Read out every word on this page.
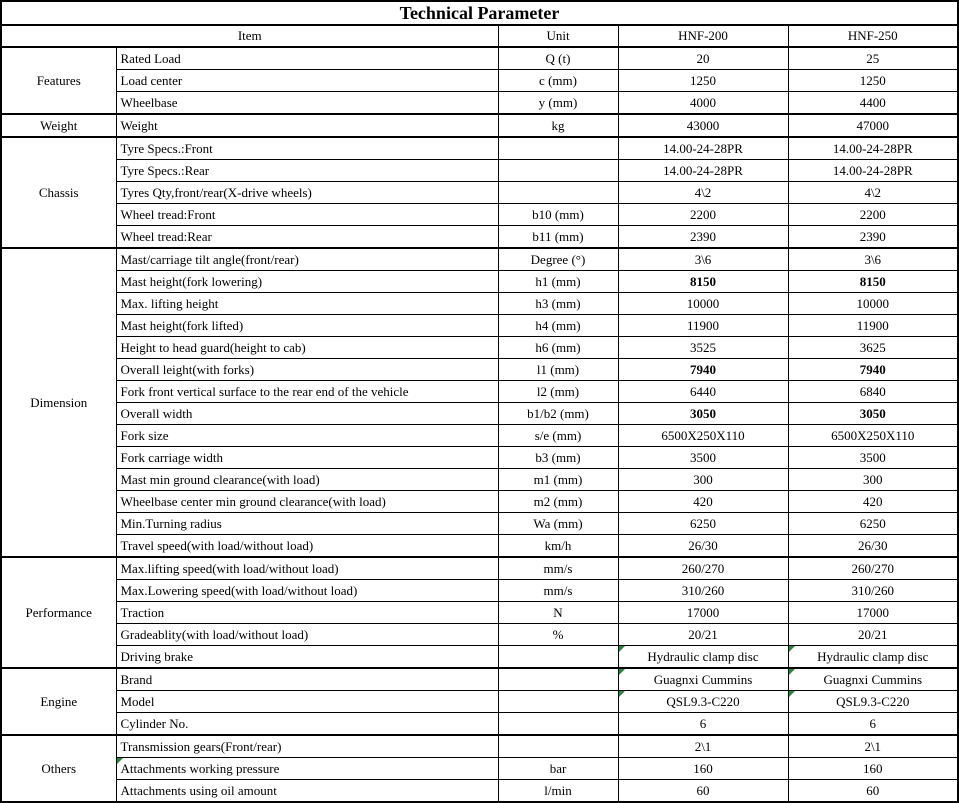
Technical Parameter				
Item		Unit	HNF-200	HNF-250
Features	Rated Load	Q (t)	20	25
	Load center	c (mm)	1250	1250
	Wheelbase	y (mm)	4000	4400
Weight	Weight	kg	43000	47000
Chassis	Tyre Specs.:Front		14.00-24-28PR	14.00-24-28PR
	Tyre Specs.:Rear		14.00-24-28PR	14.00-24-28PR
	Tyres Qty,front/rear(X-drive wheels)		4\2	4\2
	Wheel tread:Front	b10 (mm)	2200	2200
	Wheel tread:Rear	b11 (mm)	2390	2390
Dimension	Mast/carriage tilt angle(front/rear)	Degree (°)	3\6	3\6
	Mast height(fork lowering)	h1 (mm)	8150	8150
	Max. lifting height	h3 (mm)	10000	10000
	Mast height(fork lifted)	h4 (mm)	11900	11900
	Height to head guard(height to cab)	h6 (mm)	3525	3625
	Overall leight(with forks)	l1 (mm)	7940	7940
	Fork front vertical surface to the rear end of the vehicle	l2 (mm)	6440	6840
	Overall width	b1/b2 (mm)	3050	3050
	Fork size	s/e (mm)	6500X250X110	6500X250X110
	Fork carriage width	b3 (mm)	3500	3500
	Mast min ground clearance(with load)	m1 (mm)	300	300
	Wheelbase center min ground clearance(with load)	m2 (mm)	420	420
	Min.Turning radius	Wa (mm)	6250	6250
	Travel speed(with load/without load)	km/h	26/30	26/30
Performance	Max.lifting speed(with load/without load)	mm/s	260/270	260/270
	Max.Lowering speed(with load/without load)	mm/s	310/260	310/260
	Traction	N	17000	17000
	Gradeablity(with load/without load)	%	20/21	20/21
	Driving brake		Hydraulic clamp disc	Hydraulic clamp disc

Engine	Brand		Guagnxi Cummins	Guagnxi Cummins

	Model		QSL9.3-C220	QSL9.3-C220

	Cylinder No.		6	6
Others	Transmission gears(Front/rear)		2\1	2\1
	Attachments working pressure	bar	160	160
	Attachments using oil amount	l/min	60	60
